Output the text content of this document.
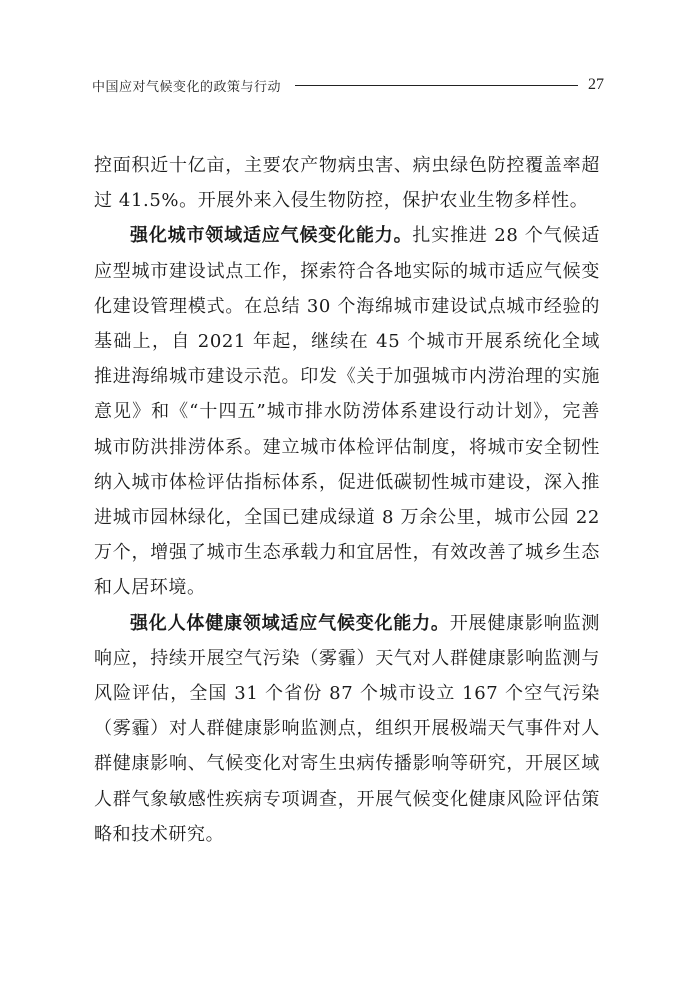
中国应对气候变化的政策与行动	27

控面积近十亿亩，主要农产物病虫害、病虫绿色防控覆盖率超过 41.5%。开展外来入侵生物防控，保护农业生物多样性。

强化城市领域适应气候变化能力。扎实推进 28 个气候适应型城市建设试点工作，探索符合各地实际的城市适应气候变化建设管理模式。在总结 30 个海绵城市建设试点城市经验的基础上，自 2021 年起，继续在 45 个城市开展系统化全域推进海绵城市建设示范。印发《关于加强城市内涝治理的实施意见》和《“十四五”城市排水防涝体系建设行动计划》，完善城市防洪排涝体系。建立城市体检评估制度，将城市安全韧性纳入城市体检评估指标体系，促进低碳韧性城市建设，深入推进城市园林绿化，全国已建成绿道 8 万余公里，城市公园 22 万个，增强了城市生态承载力和宜居性，有效改善了城乡生态和人居环境。

强化人体健康领域适应气候变化能力。开展健康影响监测响应，持续开展空气污染（雾霾）天气对人群健康影响监测与风险评估，全国 31 个省份 87 个城市设立 167 个空气污染（雾霾）对人群健康影响监测点，组织开展极端天气事件对人群健康影响、气候变化对寄生虫病传播影响等研究，开展区域人群气象敏感性疾病专项调查，开展气候变化健康风险评估策略和技术研究。
